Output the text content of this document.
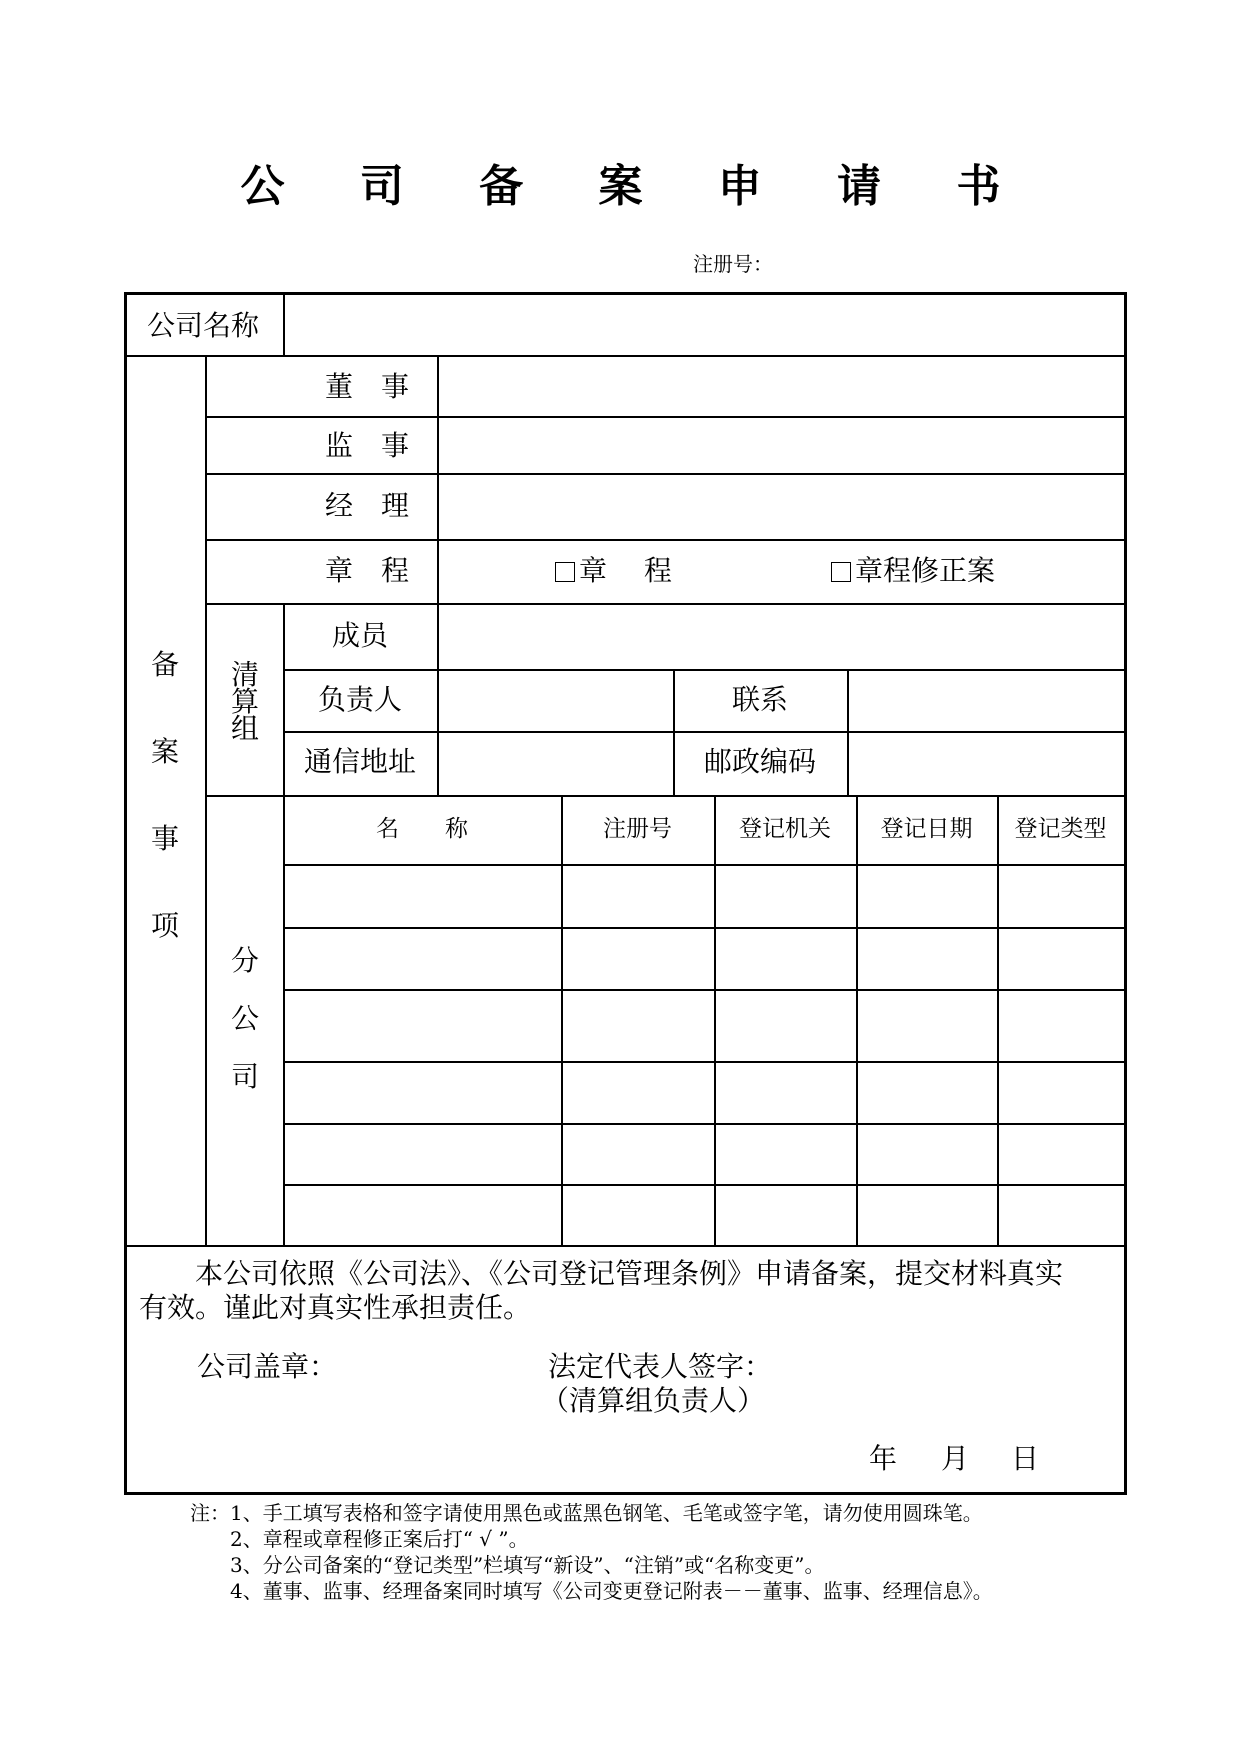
公 司 备 案 申 请 书
注册号：
公司名称
备
案
事
项
董　事
监　事
经　理
章　程	章　 程	章程修正案
清
算
组
成员
负责人	联系
通信地址	邮政编码
分
公
司
名　　称	注册号	登记机关	登记日期	登记类型
本公司依照《公司法》、《公司登记管理条例》申请备案，提交材料真实
有效。谨此对真实性承担责任。
公司盖章：	法定代表人签字：
（清算组负责人）
年 月 日
注：1、手工填写表格和签字请使用黑色或蓝黑色钢笔、毛笔或签字笔，请勿使用圆珠笔。
　　2、章程或章程修正案后打“ √ ”。
　　3、分公司备案的“登记类型”栏填写“新设”、“注销”或“名称变更”。
　　4、董事、监事、经理备案同时填写《公司变更登记附表－－董事、监事、经理信息》。
